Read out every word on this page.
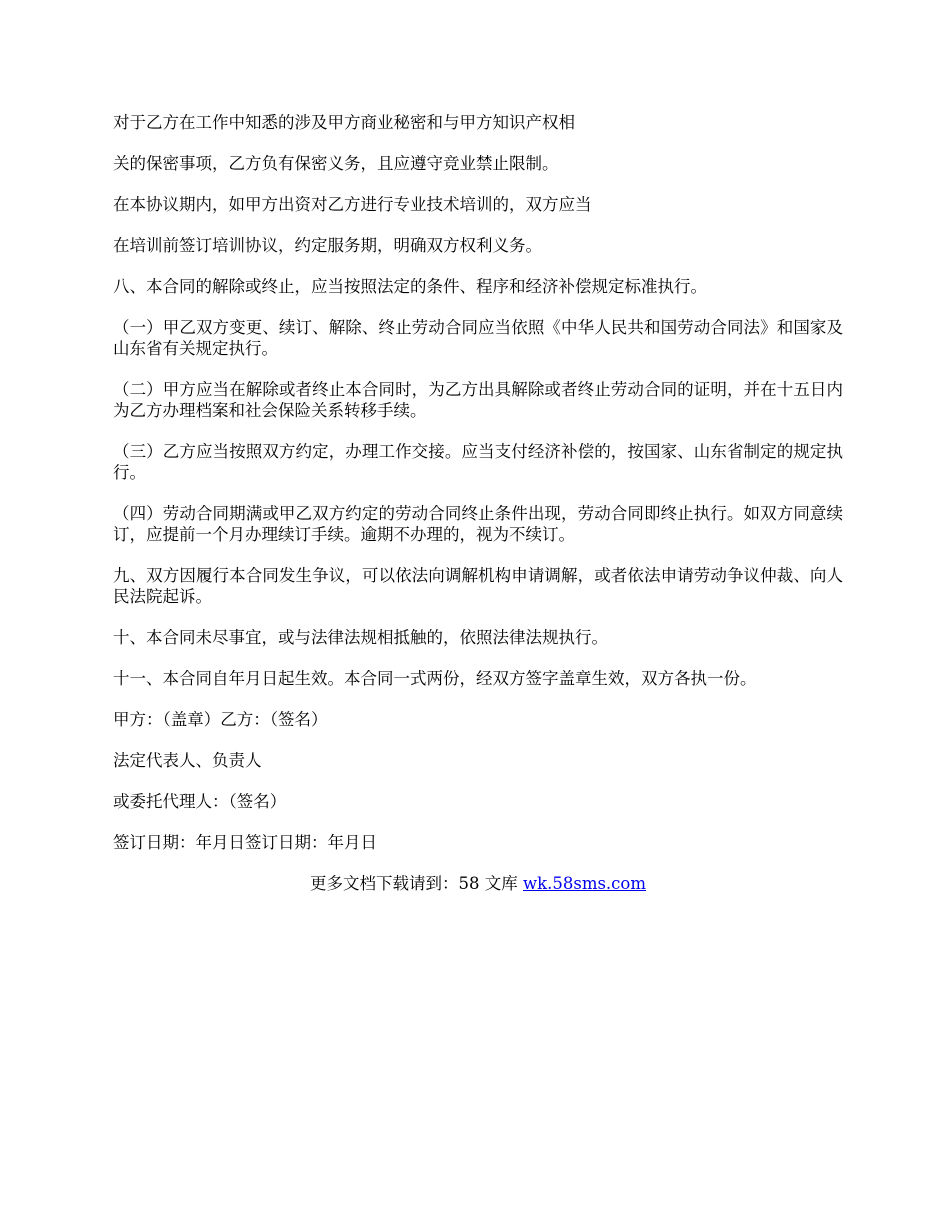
对于乙方在工作中知悉的涉及甲方商业秘密和与甲方知识产权相

关的保密事项，乙方负有保密义务，且应遵守竞业禁止限制。

在本协议期内，如甲方出资对乙方进行专业技术培训的，双方应当

在培训前签订培训协议，约定服务期，明确双方权利义务。

八、本合同的解除或终止，应当按照法定的条件、程序和经济补偿规定标准执行。

（一）甲乙双方变更、续订、解除、终止劳动合同应当依照《中华人民共和国劳动合同法》和国家及山东省有关规定执行。

（二）甲方应当在解除或者终止本合同时，为乙方出具解除或者终止劳动合同的证明，并在十五日内为乙方办理档案和社会保险关系转移手续。

（三）乙方应当按照双方约定，办理工作交接。应当支付经济补偿的，按国家、山东省制定的规定执行。

（四）劳动合同期满或甲乙双方约定的劳动合同终止条件出现，劳动合同即终止执行。如双方同意续订，应提前一个月办理续订手续。逾期不办理的，视为不续订。

九、双方因履行本合同发生争议，可以依法向调解机构申请调解，或者依法申请劳动争议仲裁、向人民法院起诉。

十、本合同未尽事宜，或与法律法规相抵触的，依照法律法规执行。

十一、本合同自年月日起生效。本合同一式两份，经双方签字盖章生效，双方各执一份。

甲方：（盖章）乙方：（签名）

法定代表人、负责人

或委托代理人：（签名）

签订日期：年月日签订日期：年月日

更多文档下载请到：58 文库 wk.58sms.com
